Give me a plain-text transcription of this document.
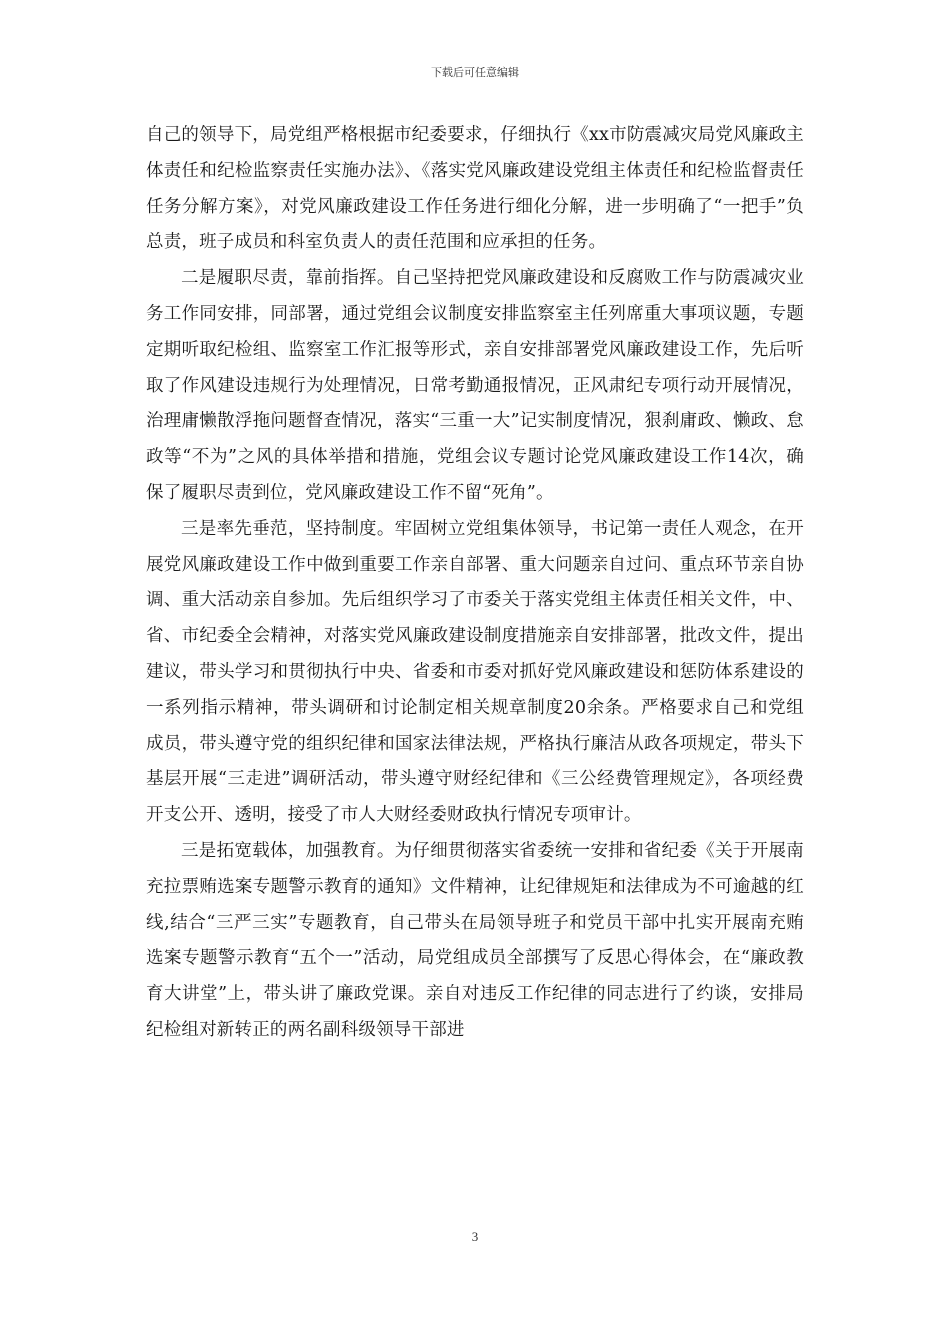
下载后可任意编辑

自己的领导下，局党组严格根据市纪委要求，仔细执行《xx市防震减灾局党风廉政主体责任和纪检监察责任实施办法》、《落实党风廉政建设党组主体责任和纪检监督责任任务分解方案》，对党风廉政建设工作任务进行细化分解，进一步明确了“一把手”负总责，班子成员和科室负责人的责任范围和应承担的任务。

二是履职尽责，靠前指挥。自己坚持把党风廉政建设和反腐败工作与防震减灾业务工作同安排，同部署，通过党组会议制度安排监察室主任列席重大事项议题，专题定期听取纪检组、监察室工作汇报等形式，亲自安排部署党风廉政建设工作，先后听取了作风建设违规行为处理情况，日常考勤通报情况，正风肃纪专项行动开展情况，治理庸懒散浮拖问题督查情况，落实“三重一大”记实制度情况，狠刹庸政、懒政、怠政等“不为”之风的具体举措和措施，党组会议专题讨论党风廉政建设工作14次，确保了履职尽责到位，党风廉政建设工作不留“死角”。

三是率先垂范，坚持制度。牢固树立党组集体领导，书记第一责任人观念，在开展党风廉政建设工作中做到重要工作亲自部署、重大问题亲自过问、重点环节亲自协调、重大活动亲自参加。先后组织学习了市委关于落实党组主体责任相关文件，中、省、市纪委全会精神，对落实党风廉政建设制度措施亲自安排部署，批改文件，提出建议，带头学习和贯彻执行中央、省委和市委对抓好党风廉政建设和惩防体系建设的一系列指示精神，带头调研和讨论制定相关规章制度20余条。严格要求自己和党组成员，带头遵守党的组织纪律和国家法律法规，严格执行廉洁从政各项规定，带头下基层开展“三走进”调研活动，带头遵守财经纪律和《三公经费管理规定》，各项经费开支公开、透明，接受了市人大财经委财政执行情况专项审计。

三是拓宽载体，加强教育。为仔细贯彻落实省委统一安排和省纪委《关于开展南充拉票贿选案专题警示教育的通知》文件精神，让纪律规矩和法律成为不可逾越的红线,结合“三严三实”专题教育，自己带头在局领导班子和党员干部中扎实开展南充贿选案专题警示教育“五个一”活动，局党组成员全部撰写了反思心得体会，在“廉政教育大讲堂”上，带头讲了廉政党课。亲自对违反工作纪律的同志进行了约谈，安排局纪检组对新转正的两名副科级领导干部进

3
